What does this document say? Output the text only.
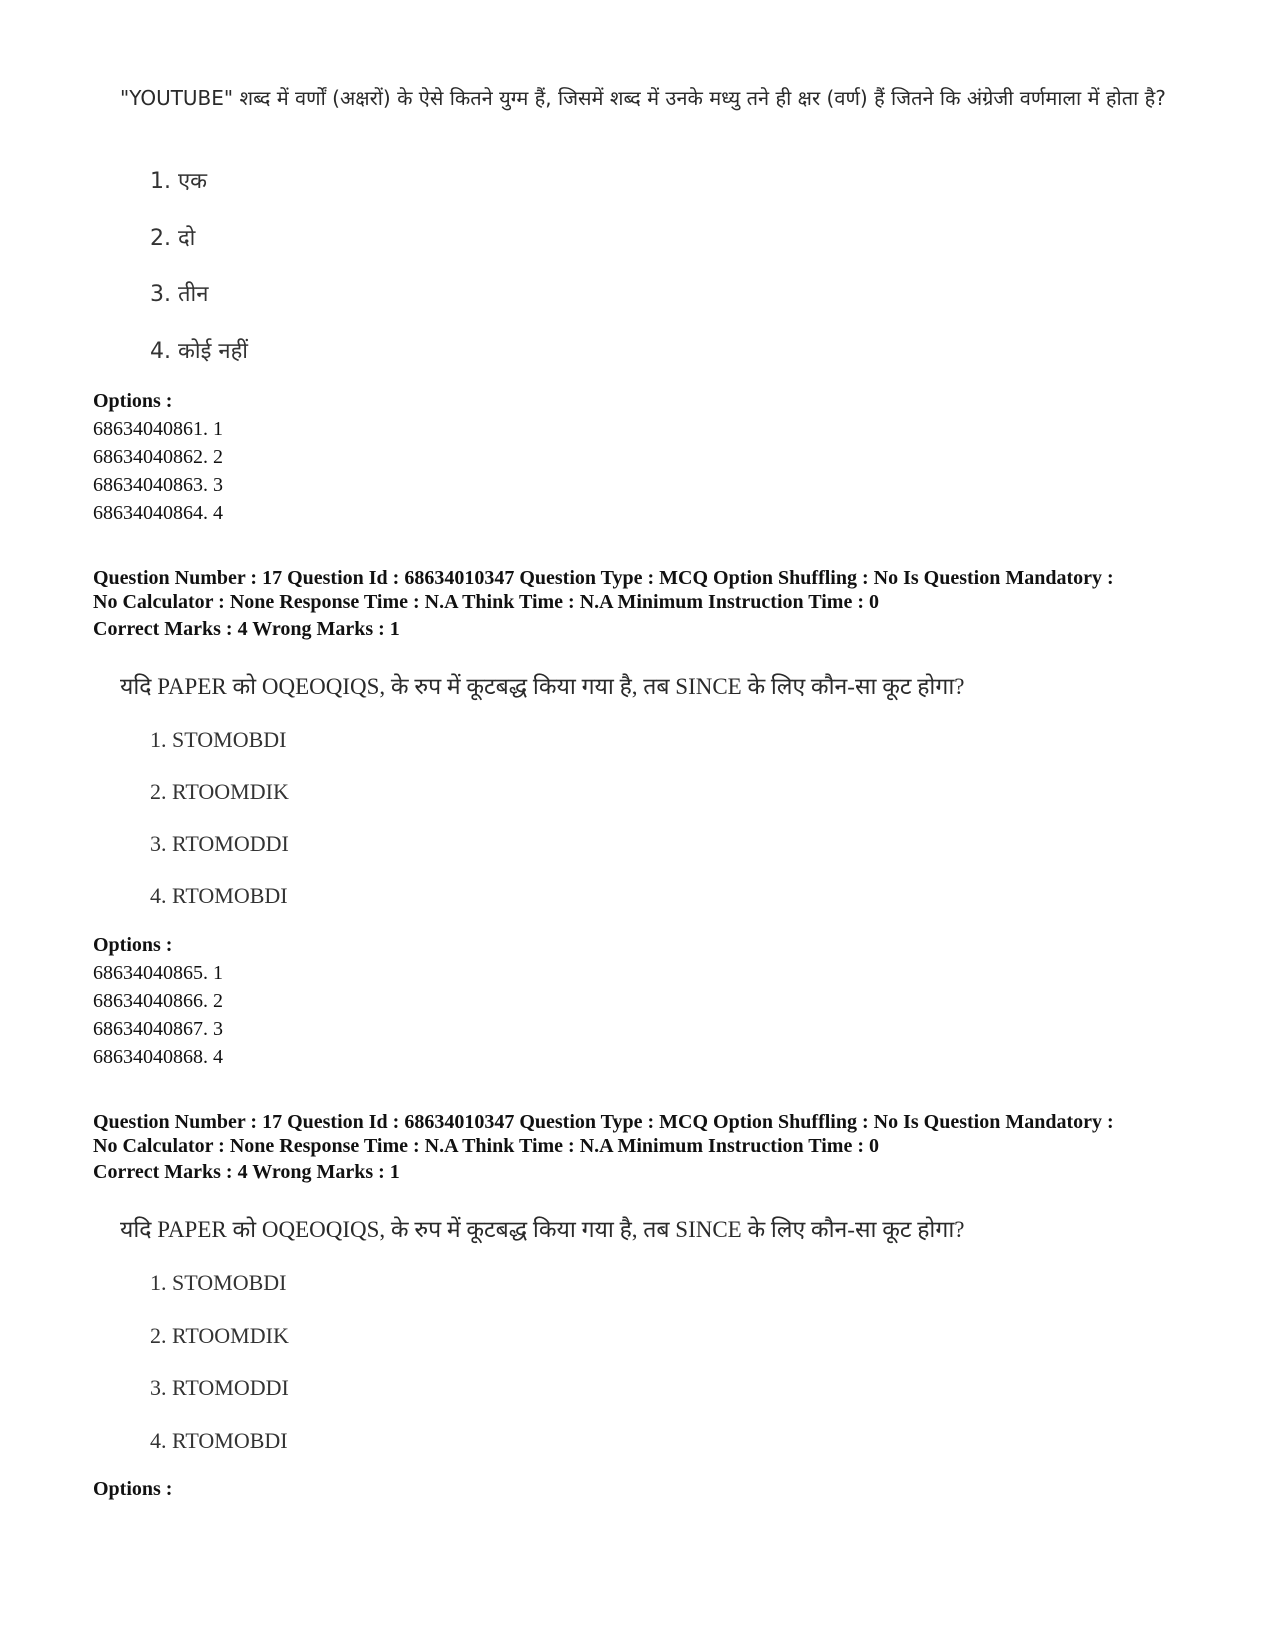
"YOUTUBE" शब्द में वर्णों (अक्षरों) के ऐसे कितने युग्म हैं, जिसमें शब्द में उनके मध्यु तने ही क्षर (वर्ण) हैं जितने कि अंग्रेजी वर्णमाला में होता है?
1. एक
2. दो
3. तीन
4. कोई नहीं
Options :
68634040861. 1
68634040862. 2
68634040863. 3
68634040864. 4
Question Number : 17 Question Id : 68634010347 Question Type : MCQ Option Shuffling : No Is Question Mandatory :
No Calculator : None Response Time : N.A Think Time : N.A Minimum Instruction Time : 0
Correct Marks : 4 Wrong Marks : 1
यदि PAPER को OQEOQIQS, के रुप में कूटबद्ध किया गया है, तब SINCE के लिए कौन-सा कूट होगा?
1. STOMOBDI
2. RTOOMDIK
3. RTOMODDI
4. RTOMOBDI
Options :
68634040865. 1
68634040866. 2
68634040867. 3
68634040868. 4
Question Number : 17 Question Id : 68634010347 Question Type : MCQ Option Shuffling : No Is Question Mandatory :
No Calculator : None Response Time : N.A Think Time : N.A Minimum Instruction Time : 0
Correct Marks : 4 Wrong Marks : 1
यदि PAPER को OQEOQIQS, के रुप में कूटबद्ध किया गया है, तब SINCE के लिए कौन-सा कूट होगा?
1. STOMOBDI
2. RTOOMDIK
3. RTOMODDI
4. RTOMOBDI
Options :
